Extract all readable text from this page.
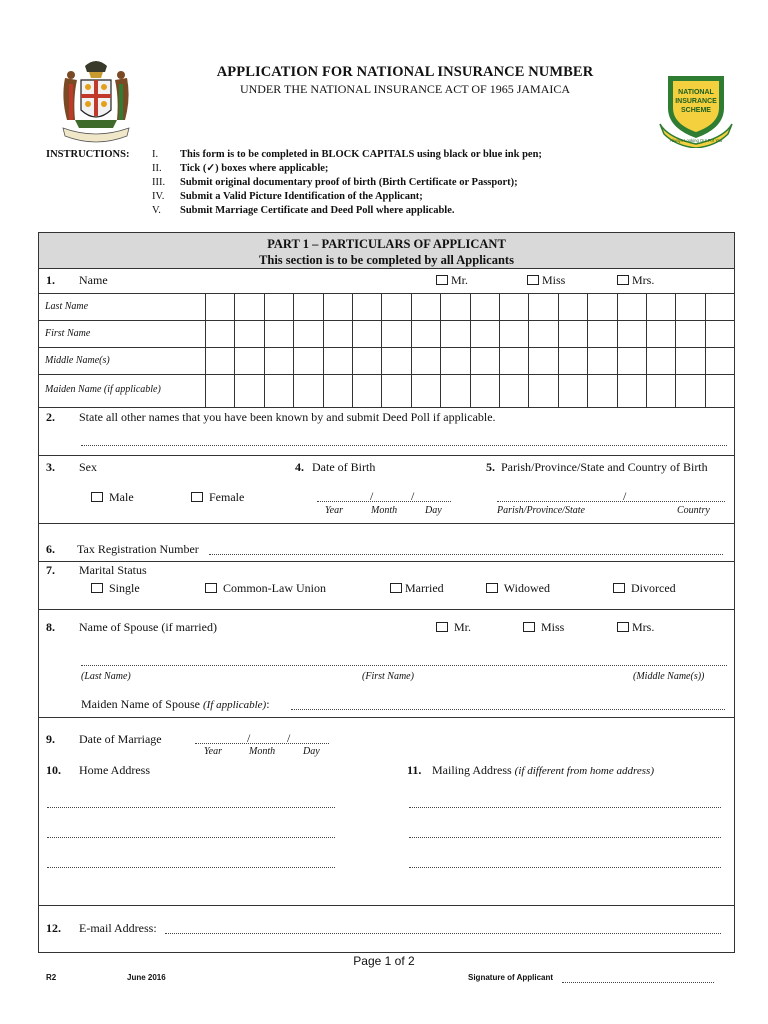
APPLICATION FOR NATIONAL INSURANCE NUMBER
UNDER THE NATIONAL INSURANCE ACT OF 1965 JAMAICA	NATIONAL
INSURANCE
SCHEME
Always Looking Out For You
INSTRUCTIONS: I.	This form is to be completed in BLOCK CAPITALS using black or blue ink pen;
II.	Tick (✓) boxes where applicable;
III.	Submit original documentary proof of birth (Birth Certificate or Passport);
IV.	Submit a Valid Picture Identification of the Applicant;
V.	Submit Marriage Certificate and Deed Poll where applicable.
PART 1 – PARTICULARS OF APPLICANT
This section is to be completed by all Applicants
1. Name	Mr.	Miss	Mrs.
Last Name
First Name
Middle Name(s)
Maiden Name (if applicable)
2. State all other names that you have been known by and submit Deed Poll if applicable.
3. Sex
Male	Female
4. Date of Birth
/	/
Year	Month	Day
5. Parish/Province/State and Country of Birth
/
Parish/Province/State	Country
6. Tax Registration Number
7. Marital Status
Single	Common-Law Union	Married	Widowed	Divorced
8. Name of Spouse (if married)	Mr.	Miss	Mrs.
(Last Name)	(First Name)	(Middle Name(s))
Maiden Name of Spouse (If applicable):
9. Date of Marriage	/	/
Year	Month	Day
10. Home Address	11. Mailing Address (if different from home address)
12. E-mail Address:
Page 1 of 2
R2	June 2016	Signature of Applicant
